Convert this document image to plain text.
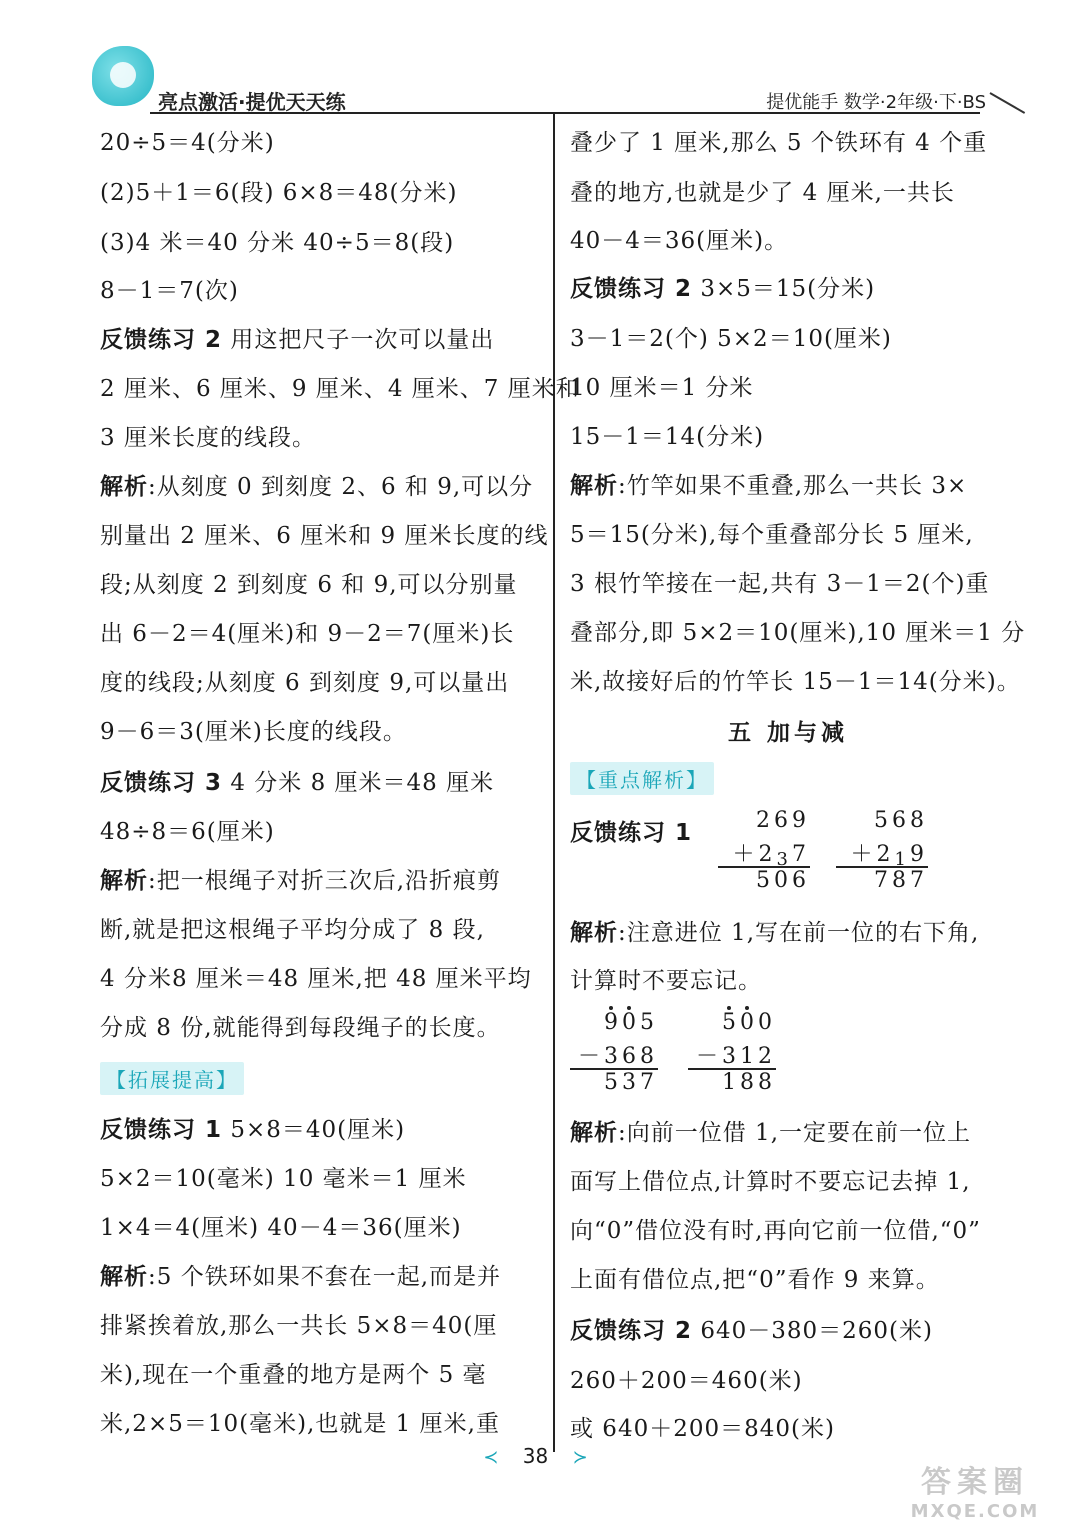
亮点激活·提优天天练	提优能手 数学·2年级·下·BS
20÷5＝4(分米)
(2)5＋1＝6(段) 6×8＝48(分米)
(3)4 米＝40 分米 40÷5＝8(段)
8－1＝7(次)
反馈练习 2 用这把尺子一次可以量出
2 厘米、6 厘米、9 厘米、4 厘米、7 厘米和
3 厘米长度的线段。
解析:从刻度 0 到刻度 2、6 和 9,可以分
别量出 2 厘米、6 厘米和 9 厘米长度的线
段;从刻度 2 到刻度 6 和 9,可以分别量
出 6－2＝4(厘米)和 9－2＝7(厘米)长
度的线段;从刻度 6 到刻度 9,可以量出
9－6＝3(厘米)长度的线段。
反馈练习 3 4 分米 8 厘米＝48 厘米
48÷8＝6(厘米)
解析:把一根绳子对折三次后,沿折痕剪
断,就是把这根绳子平均分成了 8 段,
4 分米8 厘米＝48 厘米,把 48 厘米平均
分成 8 份,就能得到每段绳子的长度。
【拓展提高】
反馈练习 1 5×8＝40(厘米)
5×2＝10(毫米) 10 毫米＝1 厘米
1×4＝4(厘米) 40－4＝36(厘米)
解析:5 个铁环如果不套在一起,而是并
排紧挨着放,那么一共长 5×8＝40(厘
米),现在一个重叠的地方是两个 5 毫
米,2×5＝10(毫米),也就是 1 厘米,重
叠少了 1 厘米,那么 5 个铁环有 4 个重
叠的地方,也就是少了 4 厘米,一共长
40－4＝36(厘米)。
反馈练习 2 3×5＝15(分米)
3－1＝2(个) 5×2＝10(厘米)
10 厘米＝1 分米
15－1＝14(分米)
解析:竹竿如果不重叠,那么一共长 3×
5＝15(分米),每个重叠部分长 5 厘米,
3 根竹竿接在一起,共有 3－1＝2(个)重
叠部分,即 5×2＝10(厘米),10 厘米＝1 分
米,故接好后的竹竿长 15－1＝14(分米)。
【重点解析】
反馈练习 1	269
＋237
506
568
＋219
787
解析:注意进位 1,写在前一位的右下角,
计算时不要忘记。
905
－368
537
500
－312
188
解析:向前一位借 1,一定要在前一位上
面写上借位点,计算时不要忘记去掉 1,
向“0”借位没有时,再向它前一位借,“0”
上面有借位点,把“0”看作 9 来算。
反馈练习 2 640－380＝260(米)
260＋200＝460(米)
或 640＋200＝840(米)
五 加与减
≺ 38 ≻
答案圈
MXQE.COM
